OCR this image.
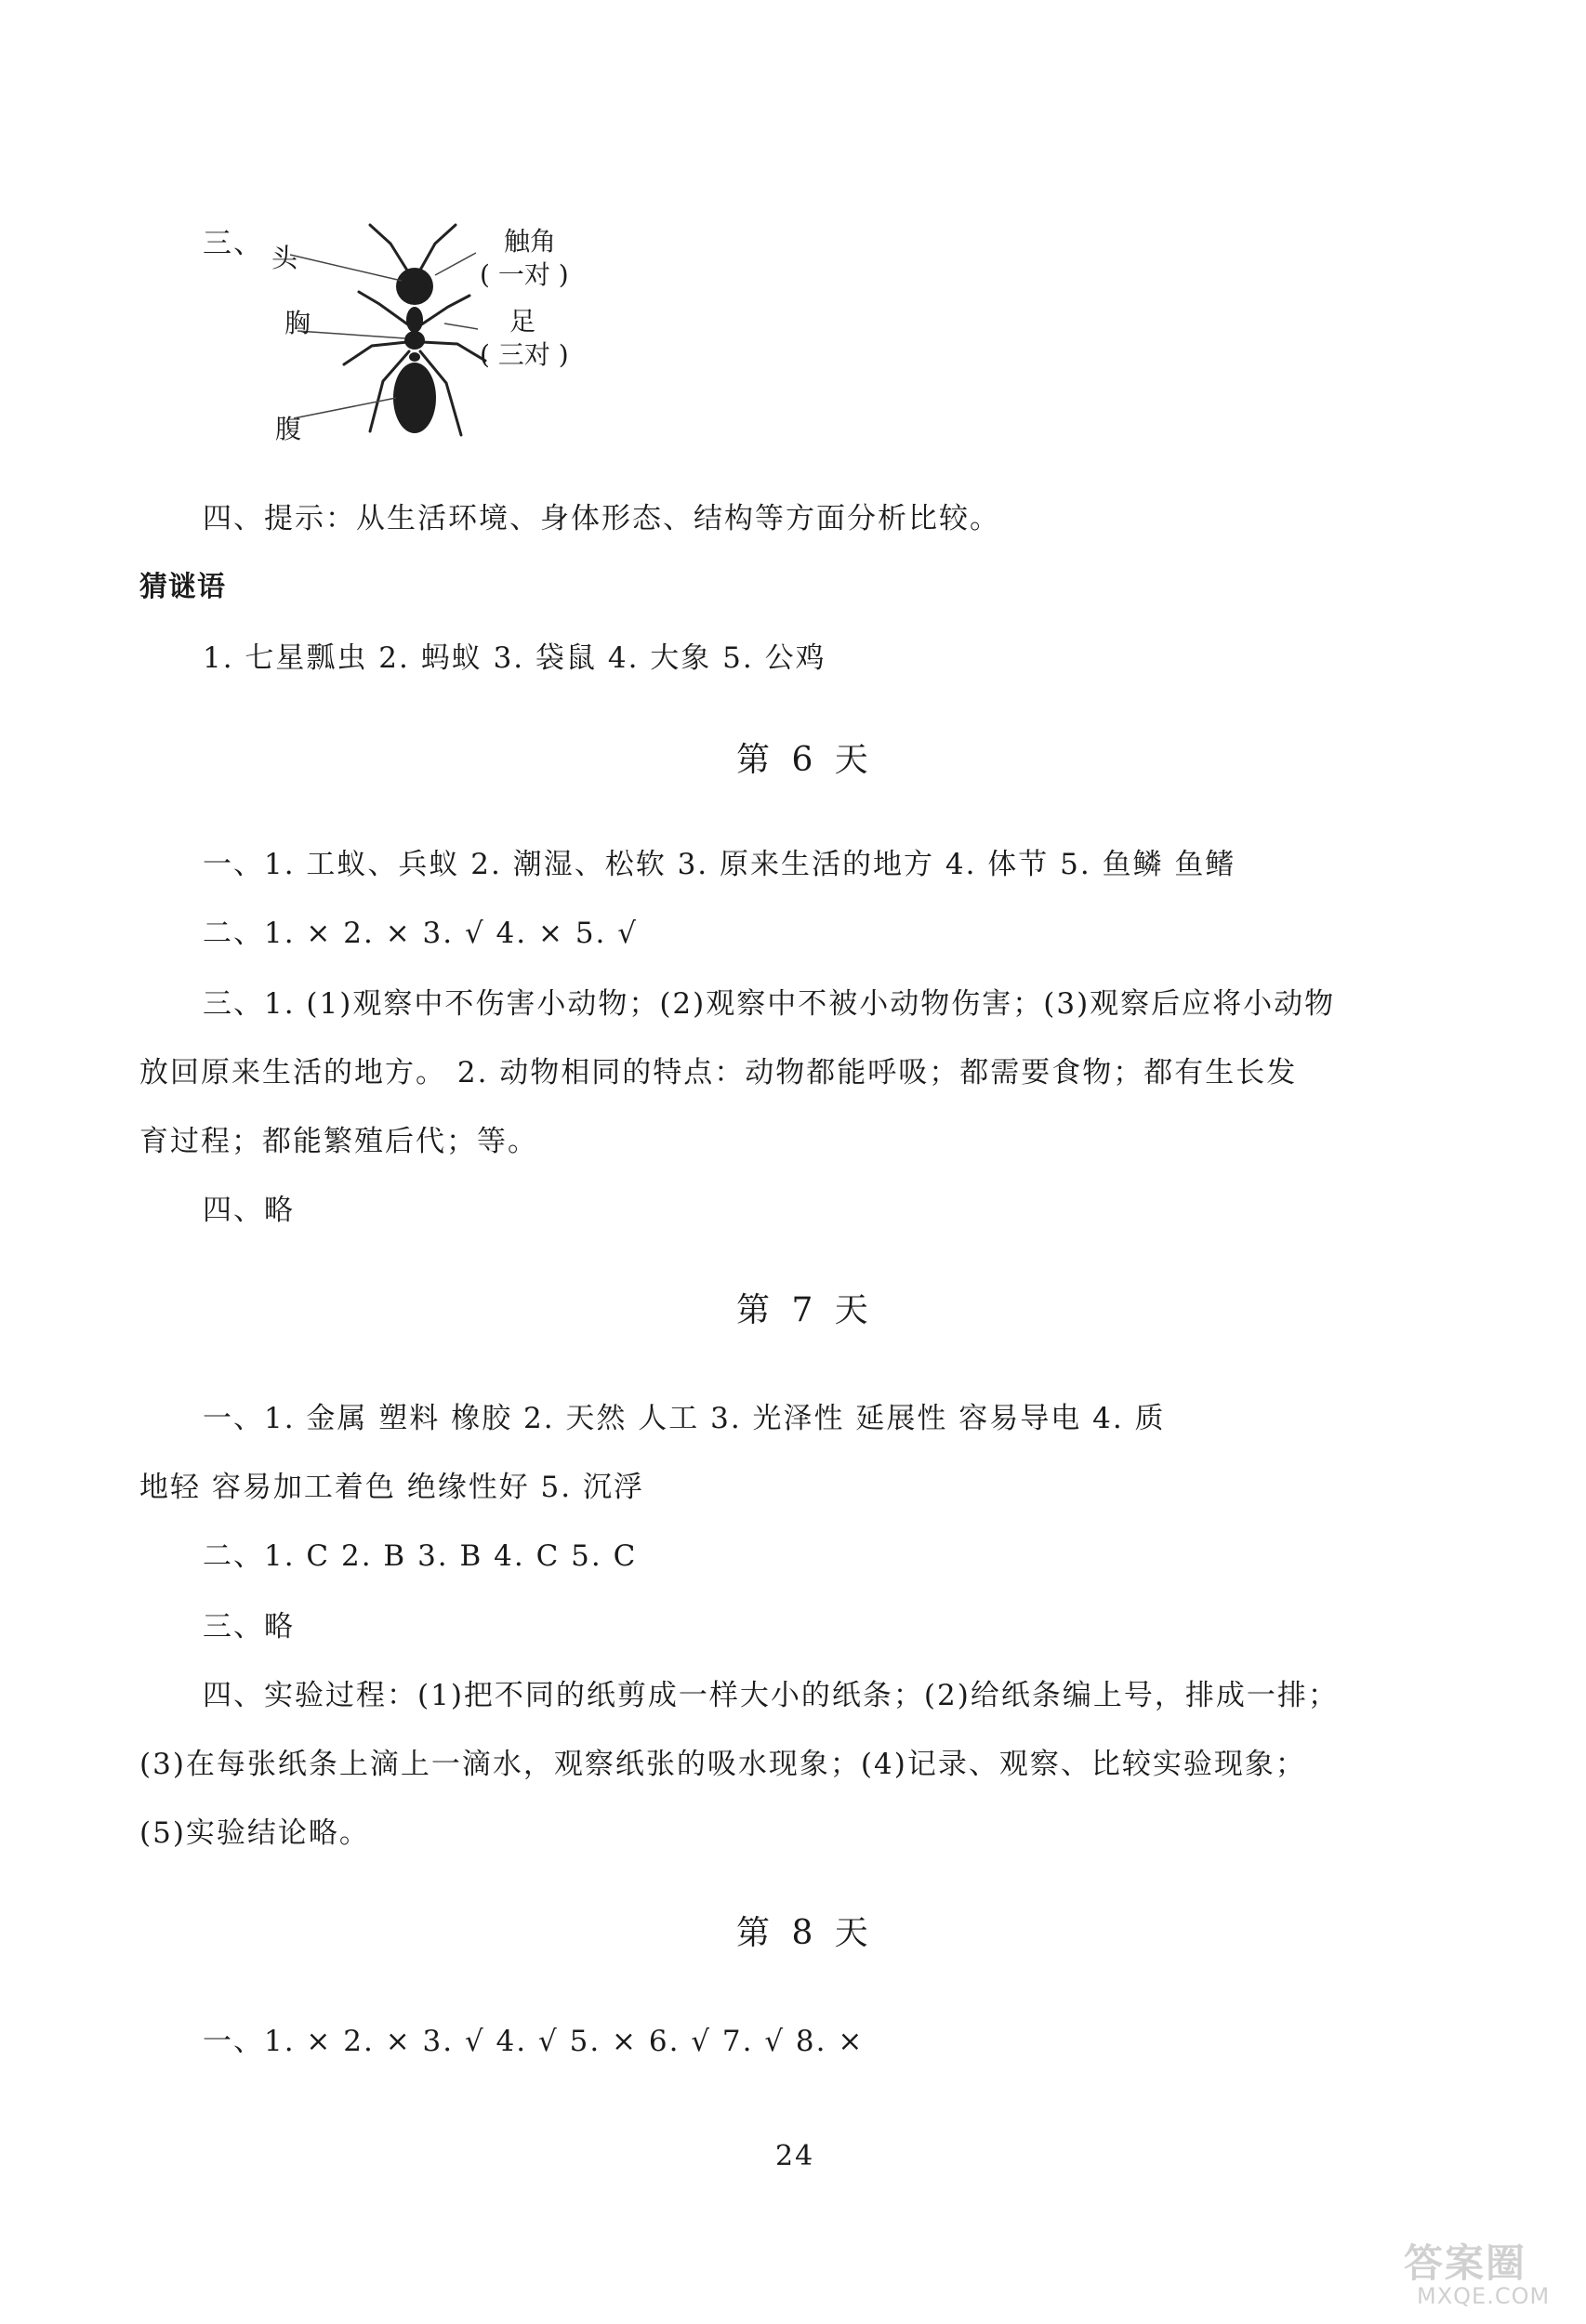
三、 头
胸
腹
触角
( 一对 )
足
( 三对 )
四、提示：从生活环境、身体形态、结构等方面分析比较。
猜谜语
1. 七星瓢虫 2. 蚂蚁 3. 袋鼠 4. 大象 5. 公鸡
第 6 天
一、1. 工蚁、兵蚁 2. 潮湿、松软 3. 原来生活的地方 4. 体节 5. 鱼鳞 鱼鳍
二、1. × 2. × 3. √ 4. × 5. √
三、1. (1)观察中不伤害小动物；(2)观察中不被小动物伤害；(3)观察后应将小动物
放回原来生活的地方。 2. 动物相同的特点：动物都能呼吸；都需要食物；都有生长发
育过程；都能繁殖后代；等。
四、略
第 7 天
一、1. 金属 塑料 橡胶 2. 天然 人工 3. 光泽性 延展性 容易导电 4. 质
地轻 容易加工着色 绝缘性好 5. 沉浮
二、1. C 2. B 3. B 4. C 5. C
三、略
四、实验过程：(1)把不同的纸剪成一样大小的纸条；(2)给纸条编上号，排成一排；
(3)在每张纸条上滴上一滴水，观察纸张的吸水现象；(4)记录、观察、比较实验现象；
(5)实验结论略。
第 8 天
一、1. × 2. × 3. √ 4. √ 5. × 6. √ 7. √ 8. ×
24
答案圈
MXQE.COM
